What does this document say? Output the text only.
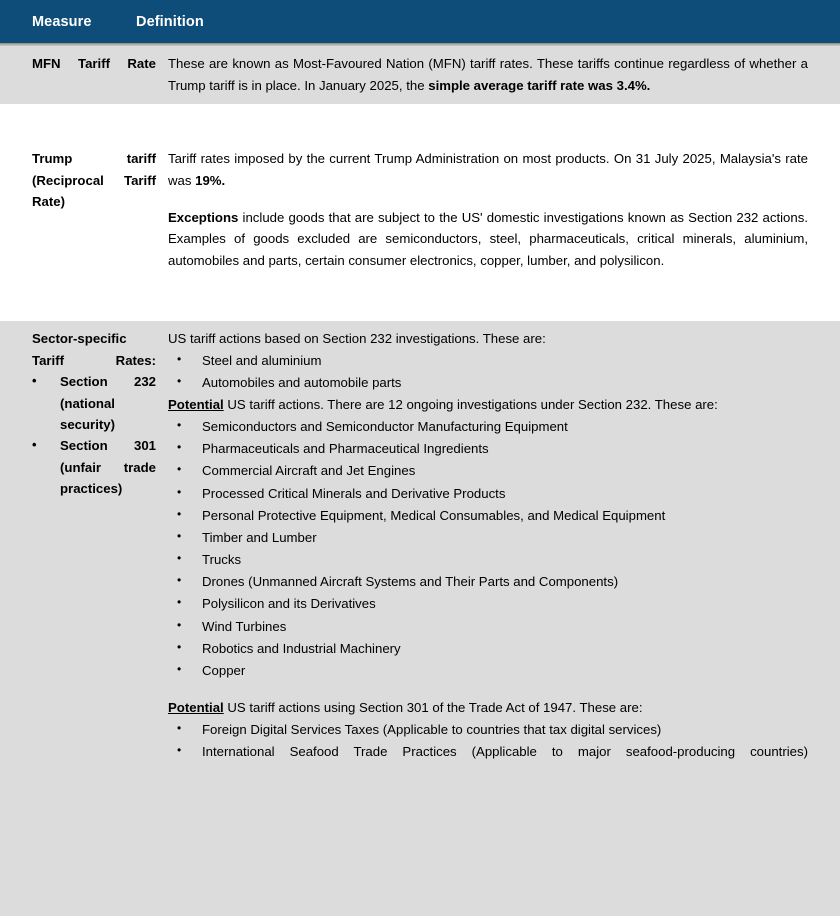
Measure	Definition
MFN Tariff Rate These are known as Most-Favoured Nation (MFN) tariff rates. These tariffs continue regardless of whether a Trump tariff is in place. In January 2025, the simple average tariff rate was 3.4%.

Trump tariff (Reciprocal Tariff Rate)

Tariff rates imposed by the current Trump Administration on most products. On 31 July 2025, Malaysia's rate was 19%.

Exceptions include goods that are subject to the US' domestic investigations known as Section 232 actions. Examples of goods excluded are semiconductors, steel, pharmaceuticals, critical minerals, aluminium, automobiles and parts, certain consumer electronics, copper, lumber, and polysilicon.

Sector-specific Tariff Rates:
• Section 232 (national security)
• Section 301 (unfair trade practices)

US tariff actions based on Section 232 investigations. These are:

• Steel and aluminium
• Automobiles and automobile parts

Potential US tariff actions. There are 12 ongoing investigations under Section 232. These are:

• Semiconductors and Semiconductor Manufacturing Equipment
• Pharmaceuticals and Pharmaceutical Ingredients
• Commercial Aircraft and Jet Engines
• Processed Critical Minerals and Derivative Products
• Personal Protective Equipment, Medical Consumables, and Medical Equipment
• Timber and Lumber
• Trucks
• Drones (Unmanned Aircraft Systems and Their Parts and Components)
• Polysilicon and its Derivatives
• Wind Turbines
• Robotics and Industrial Machinery
• Copper

Potential US tariff actions using Section 301 of the Trade Act of 1947. These are:

• Foreign Digital Services Taxes (Applicable to countries that tax digital services)
• International Seafood Trade Practices (Applicable to major seafood-producing countries)
